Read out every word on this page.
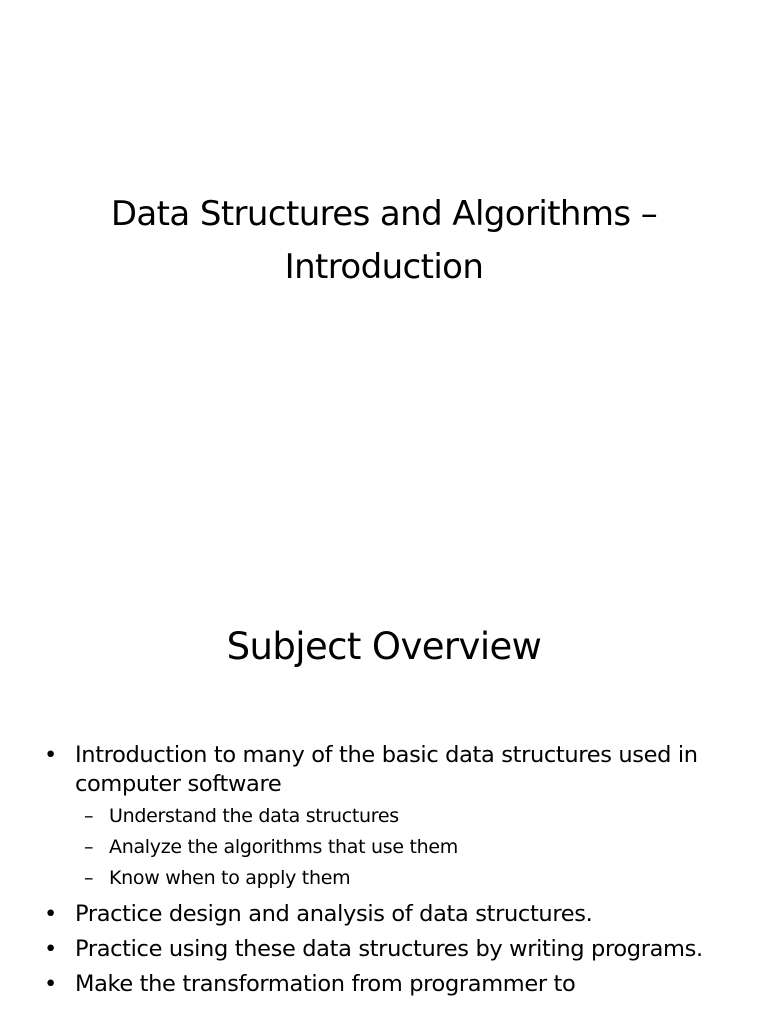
Data Structures and Algorithms –
Introduction
Subject Overview
• Introduction to many of the basic data structures used in computer software
– Understand the data structures
– Analyze the algorithms that use them
– Know when to apply them
• Practice design and analysis of data structures.
• Practice using these data structures by writing programs.
• Make the transformation from programmer to
